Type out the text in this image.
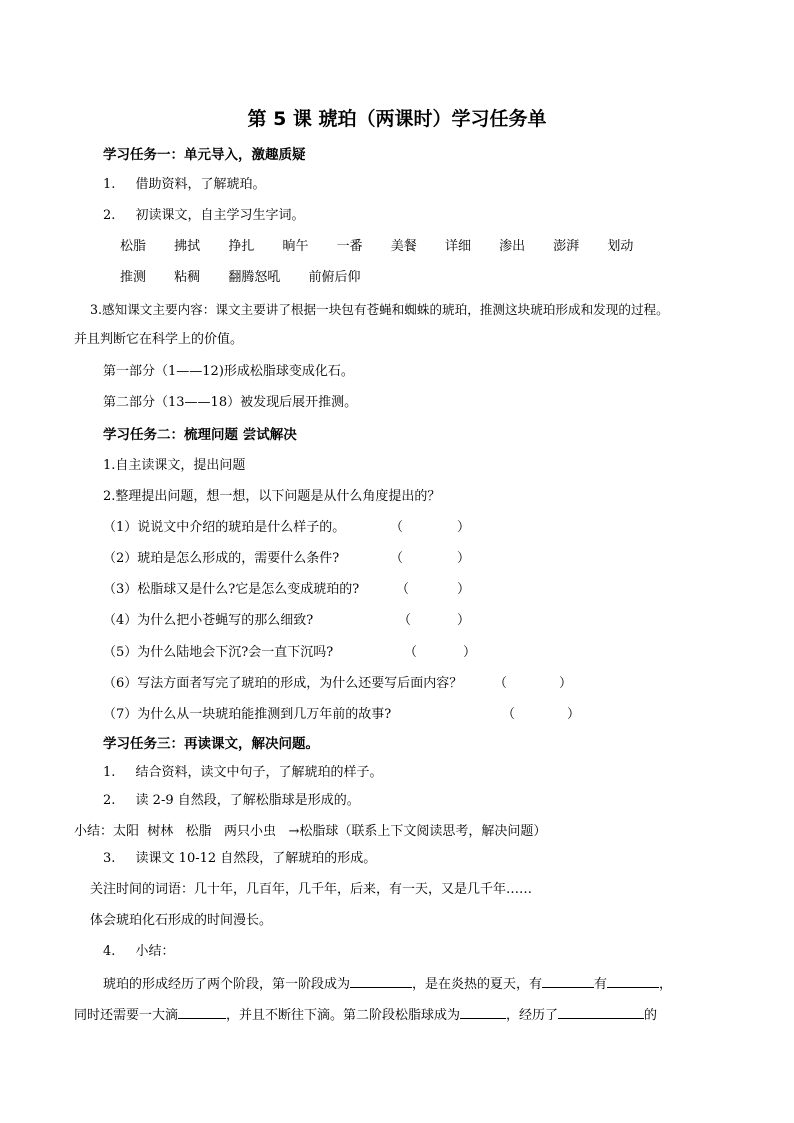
第 5 课 琥珀（两课时）学习任务单
学习任务一：单元导入，激趣质疑
1. 借助资料，了解琥珀。
2. 初读课文，自主学习生字词。
松脂 拂拭 挣扎 晌午 一番 美餐 详细 渗出 澎湃 划动
推测 粘稠 翻腾怒吼 前俯后仰
3.感知课文主要内容：课文主要讲了根据一块包有苍蝇和蜘蛛的琥珀，推测这块琥珀形成和发现的过程。
并且判断它在科学上的价值。
第一部分（1——12)形成松脂球变成化石。
第二部分（13——18）被发现后展开推测。
学习任务二：梳理问题 尝试解决
1.自主读课文，提出问题
2.整理提出问题，想一想，以下问题是从什么角度提出的？
（1）说说文中介绍的琥珀是什么样子的。	（	）
（2）琥珀是怎么形成的，需要什么条件?	（	）
（3）松脂球又是什么?它是怎么变成琥珀的?	（	）
（4）为什么把小苍蝇写的那么细致?	（	）
（5）为什么陆地会下沉?会一直下沉吗?	（	）
（6）写法方面者写完了琥珀的形成，为什么还要写后面内容？ （	）
（7）为什么从一块琥珀能推测到几万年前的故事?	（	）
学习任务三：再读课文，解决问题。
1. 结合资料，读文中句子，了解琥珀的样子。
2. 读 2-9 自然段，了解松脂球是形成的。
小结：太阳  树林   松脂   两只小虫   →松脂球（联系上下文阅读思考，解决问题）
3. 读课文 10-12 自然段，了解琥珀的形成。
关注时间的词语：几十年，几百年，几千年，后来，有一天，又是几千年……
体会琥珀化石形成的时间漫长。
4. 小结：
琥珀的形成经历了两个阶段，第一阶段成为	，是在炎热的夏天，有	有	，
同时还需要一大滴	，并且不断往下滴。第二阶段松脂球成为	，经历了	的
